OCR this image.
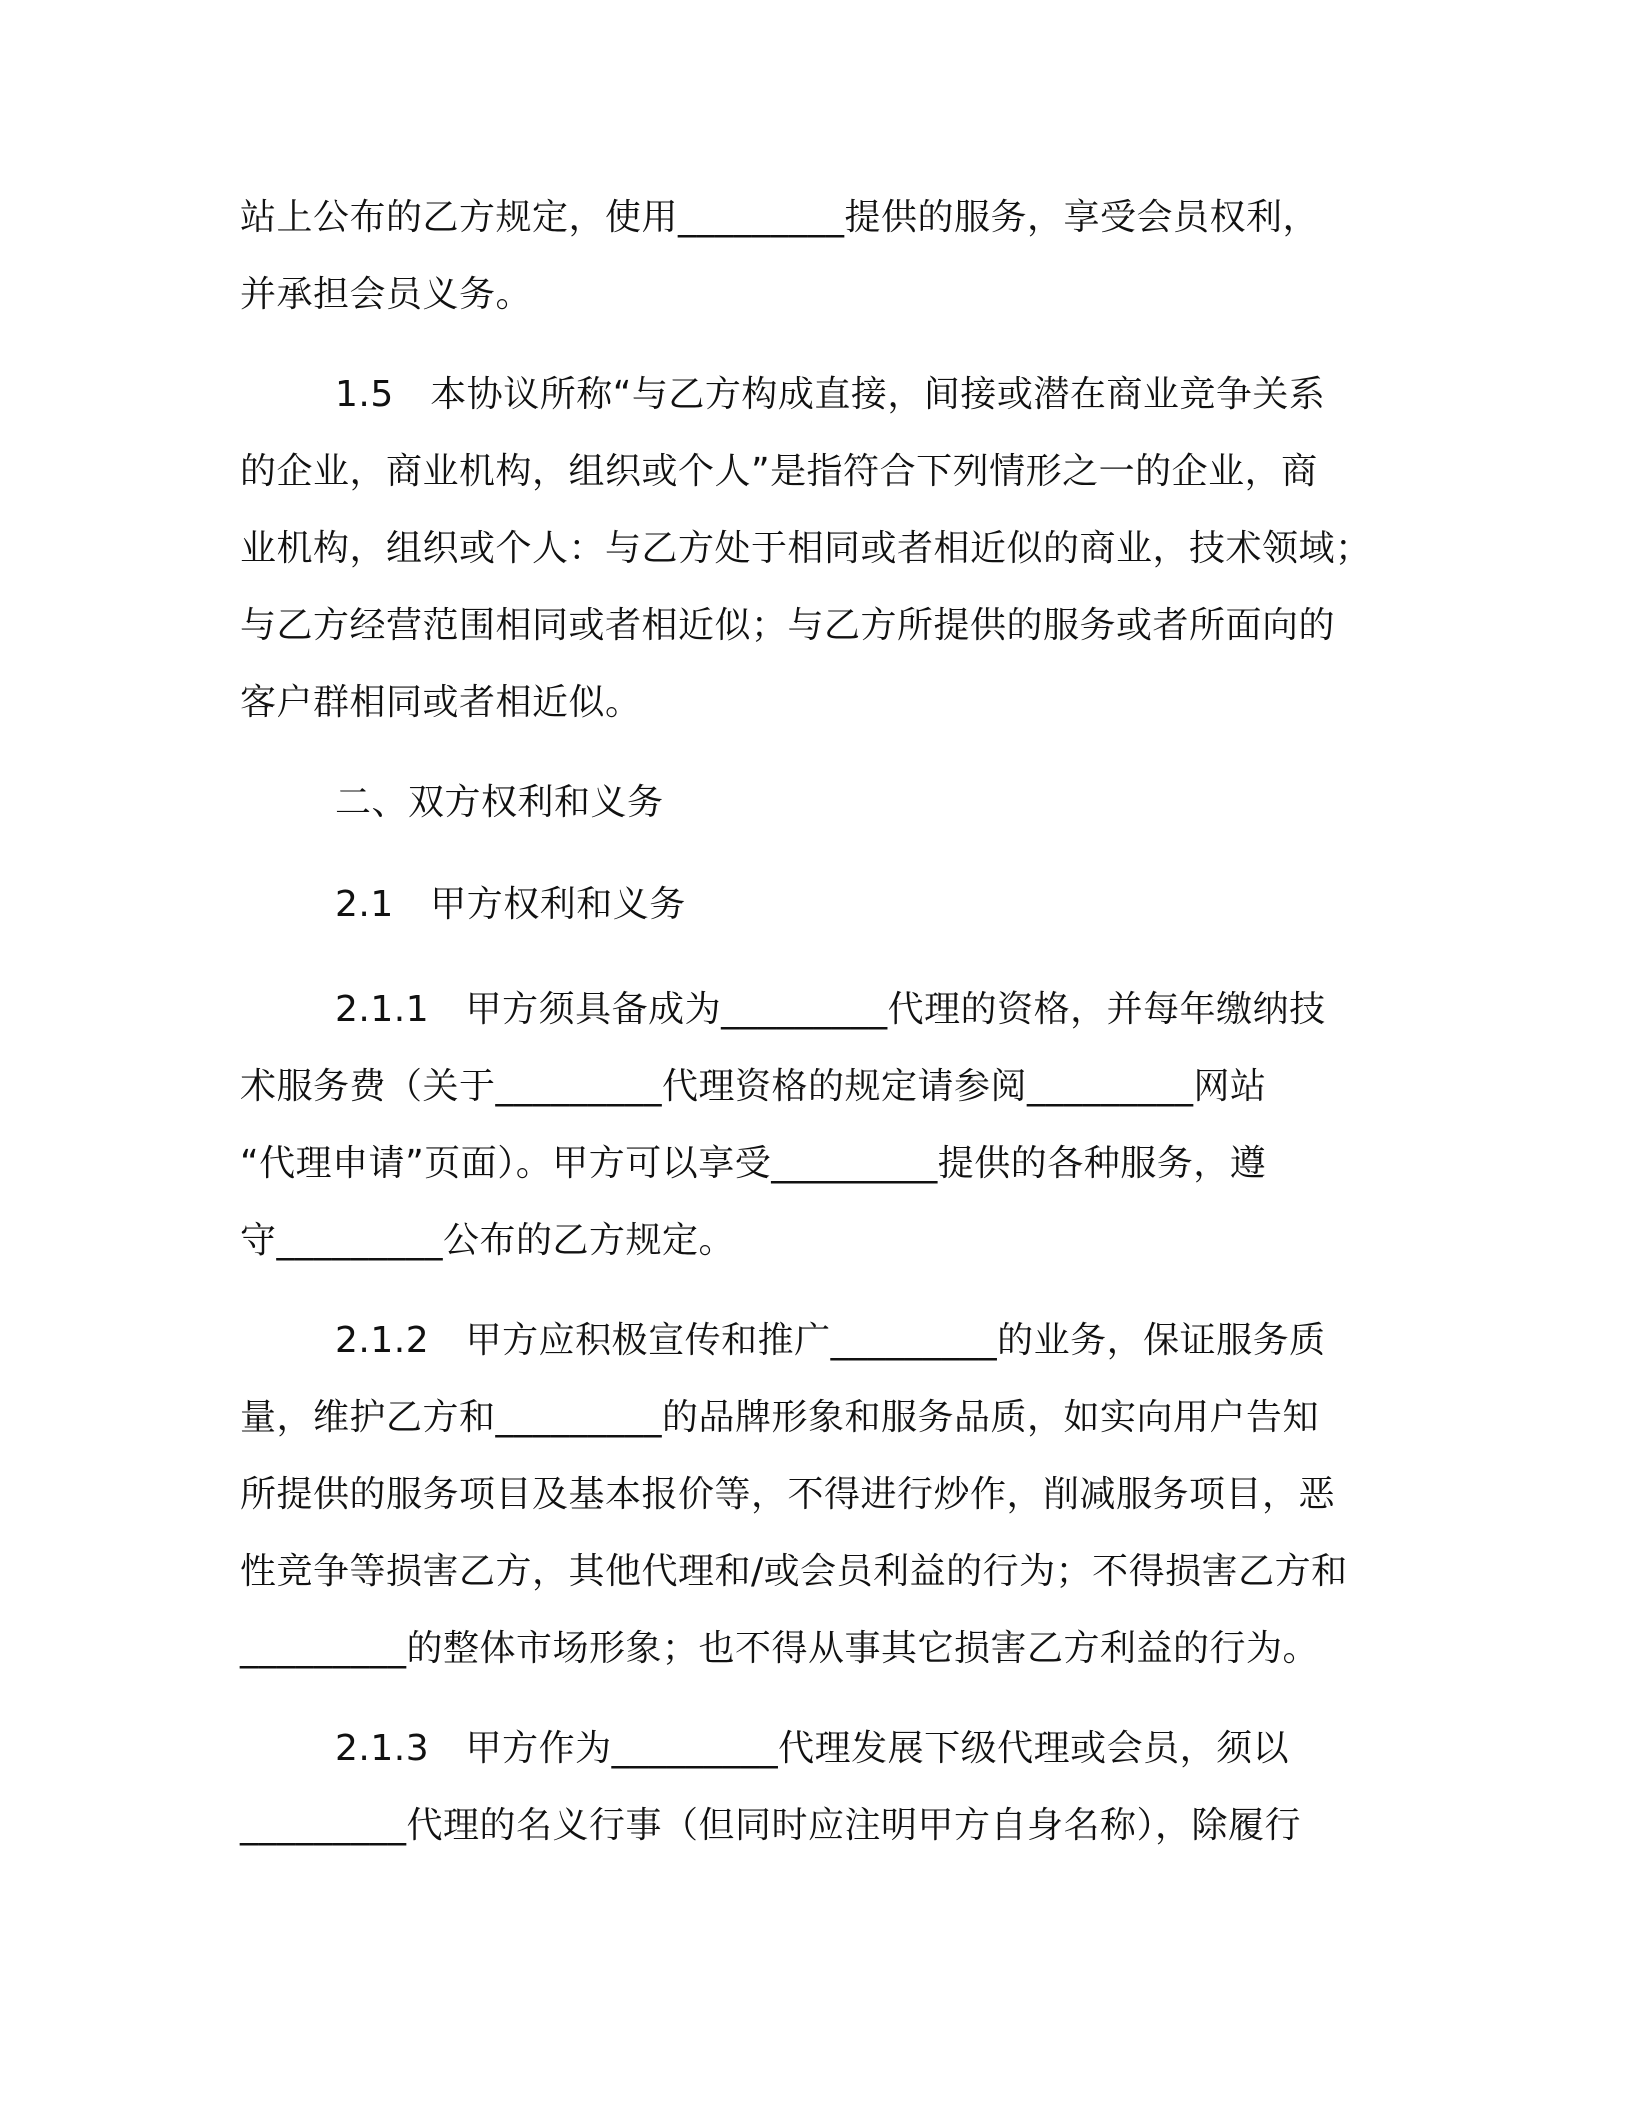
站上公布的乙方规定，使用_________提供的服务，享受会员权利，
并承担会员义务。
1.5　本协议所称“与乙方构成直接，间接或潜在商业竞争关系
的企业，商业机构，组织或个人”是指符合下列情形之一的企业，商
业机构，组织或个人：与乙方处于相同或者相近似的商业，技术领域；
与乙方经营范围相同或者相近似；与乙方所提供的服务或者所面向的
客户群相同或者相近似。
二、双方权利和义务
2.1　甲方权利和义务
2.1.1　甲方须具备成为_________代理的资格，并每年缴纳技
术服务费（关于_________代理资格的规定请参阅_________网站
“代理申请”页面）。甲方可以享受_________提供的各种服务，遵
守_________公布的乙方规定。
2.1.2　甲方应积极宣传和推广_________的业务，保证服务质
量，维护乙方和_________的品牌形象和服务品质，如实向用户告知
所提供的服务项目及基本报价等，不得进行炒作，削减服务项目，恶
性竞争等损害乙方，其他代理和/或会员利益的行为；不得损害乙方和
_________的整体市场形象；也不得从事其它损害乙方利益的行为。
2.1.3　甲方作为_________代理发展下级代理或会员，须以
_________代理的名义行事（但同时应注明甲方自身名称），除履行
